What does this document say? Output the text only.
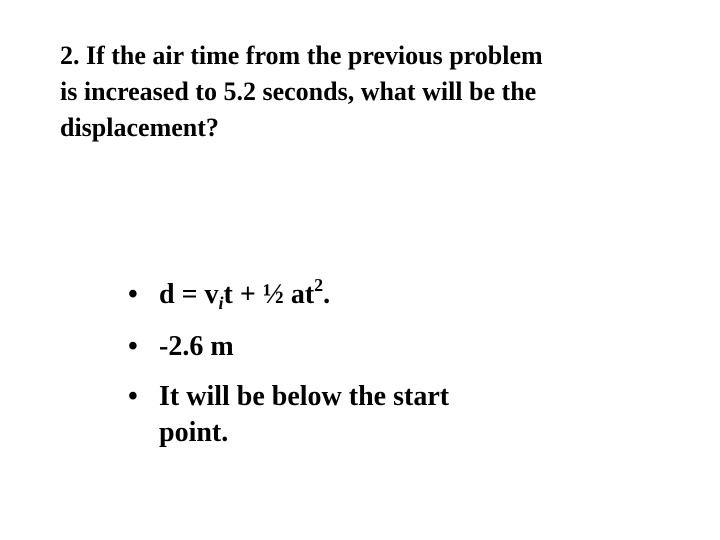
2. If the air time from the previous problem
is increased to 5.2 seconds, what will be the
displacement?

• $d = v_it$ + ½ $at^2$.
• -2.6 m
• It will be below the start
point.
